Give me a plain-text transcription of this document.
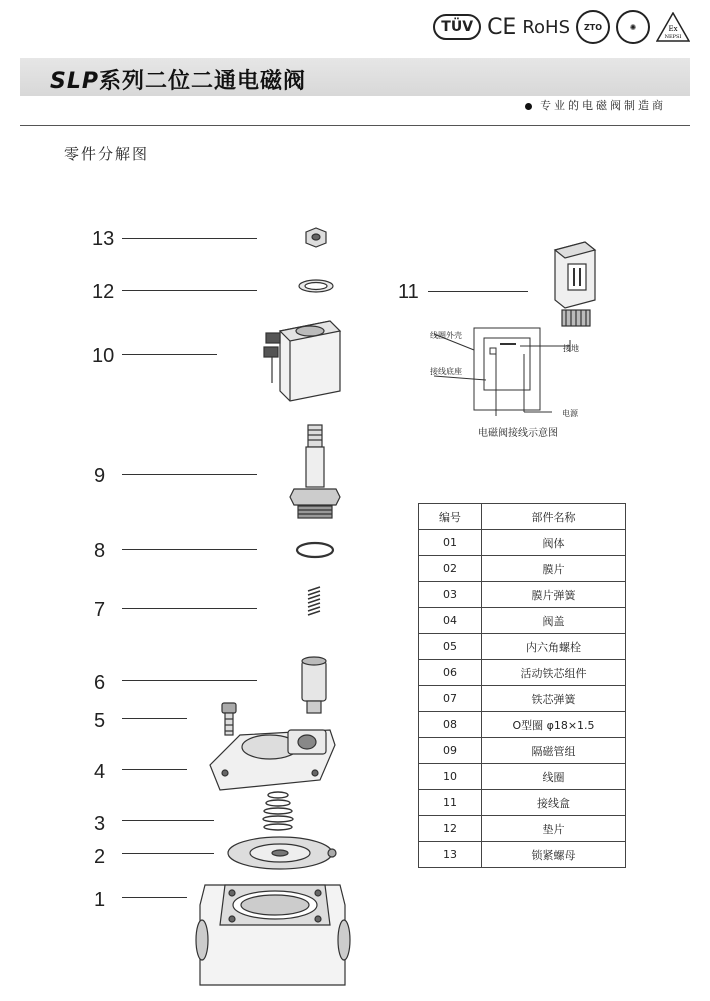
TÜV CE RoHS	ZTO	✺	Ex
NEPSI
SLP系列二位二通电磁阀
专业的电磁阀制造商
零件分解图
13
12	11
10
9
8
7
6
5
4
3
2
1
线圈外壳
接地
接线底座
电源
电磁阀接线示意图
编号	部件名称
01	阀体
02	膜片
03	膜片弹簧
04	阀盖
05	内六角螺栓
06	活动铁芯组件
07	铁芯弹簧
08	O型圈 φ18×1.5
09	隔磁管组
10	线圈
11	接线盒
12	垫片
13	锁紧螺母
